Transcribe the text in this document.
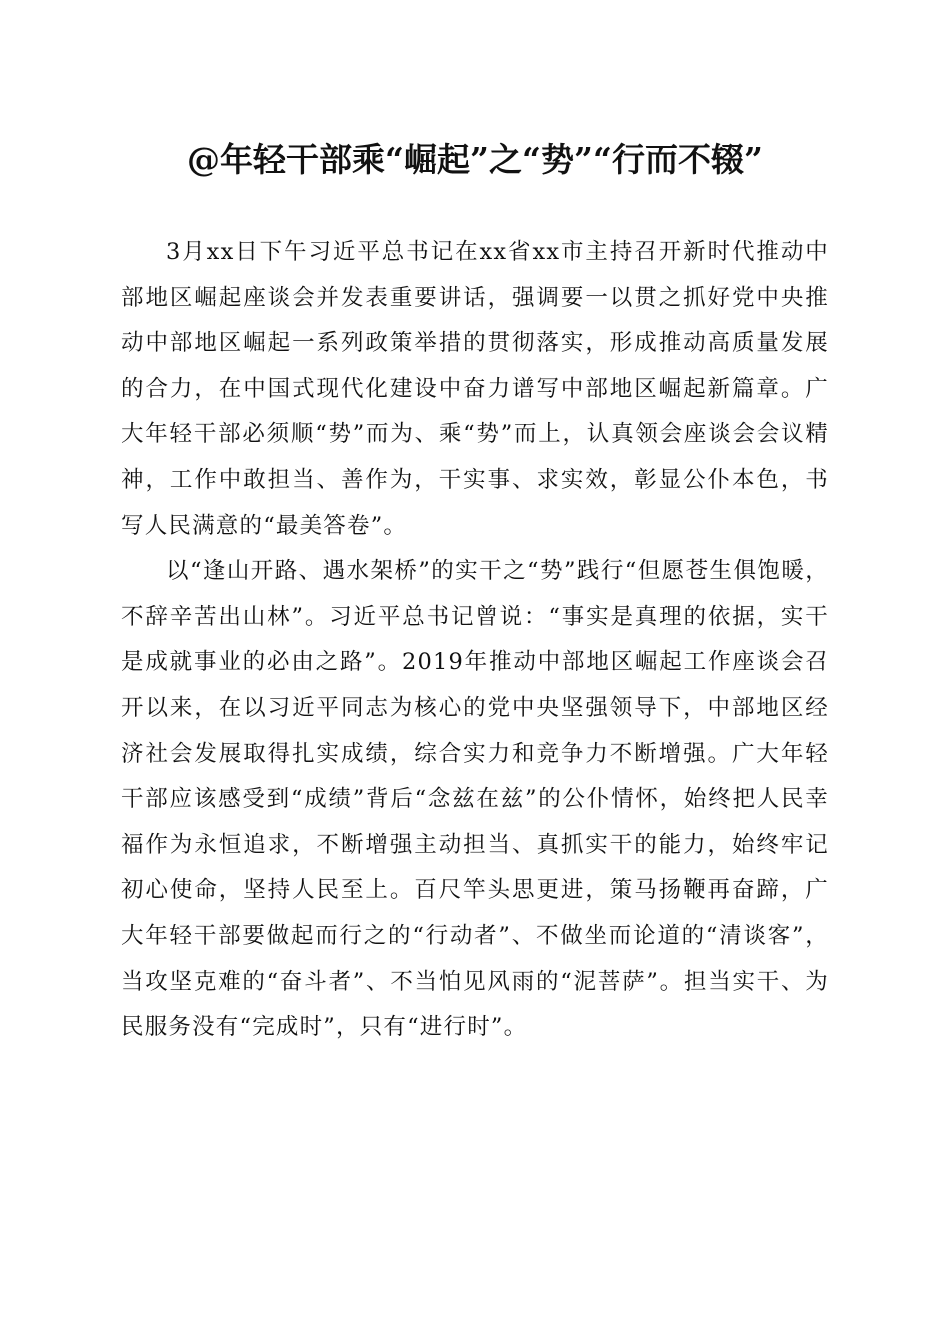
@年轻干部乘“崛起”之“势”“行而不辍”

3月xx日下午习近平总书记在xx省xx市主持召开新时代推动中部地区崛起座谈会并发表重要讲话，强调要一以贯之抓好党中央推动中部地区崛起一系列政策举措的贯彻落实，形成推动高质量发展的合力，在中国式现代化建设中奋力谱写中部地区崛起新篇章。广大年轻干部必须顺“势”而为、乘“势”而上，认真领会座谈会会议精神，工作中敢担当、善作为，干实事、求实效，彰显公仆本色，书写人民满意的“最美答卷”。

以“逢山开路、遇水架桥”的实干之“势”践行“但愿苍生俱饱暖，不辞辛苦出山林”。习近平总书记曾说：“事实是真理的依据，实干是成就事业的必由之路”。2019年推动中部地区崛起工作座谈会召开以来，在以习近平同志为核心的党中央坚强领导下，中部地区经济社会发展取得扎实成绩，综合实力和竞争力不断增强。广大年轻干部应该感受到“成绩”背后“念兹在兹”的公仆情怀，始终把人民幸福作为永恒追求，不断增强主动担当、真抓实干的能力，始终牢记初心使命，坚持人民至上。百尺竿头思更进，策马扬鞭再奋蹄，广大年轻干部要做起而行之的“行动者”、不做坐而论道的“清谈客”，当攻坚克难的“奋斗者”、不当怕见风雨的“泥菩萨”。担当实干、为民服务没有“完成时”，只有“进行时”。
